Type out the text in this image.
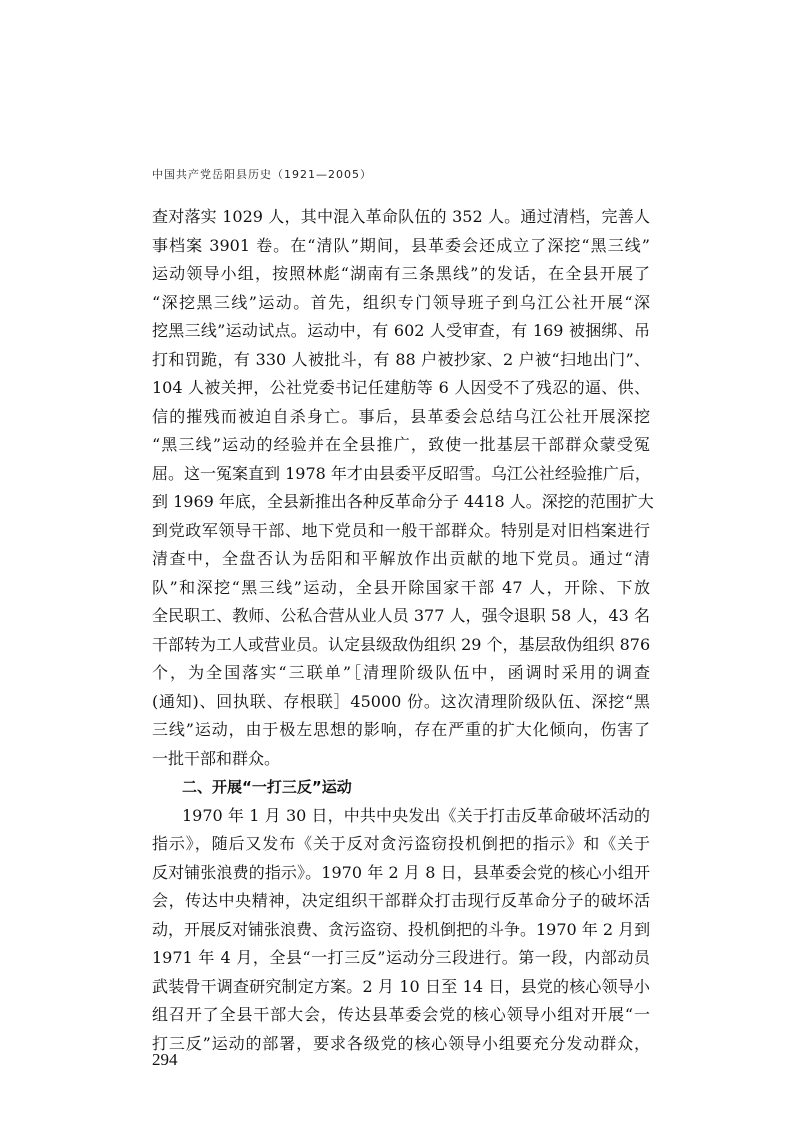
中国共产党岳阳县历史（1921—2005）
查对落实 1029 人，其中混入革命队伍的 352 人。通过清档，完善人
事档案 3901 卷。在“清队”期间，县革委会还成立了深挖“黑三线”
运动领导小组，按照林彪“湖南有三条黑线”的发话，在全县开展了
“深挖黑三线”运动。首先，组织专门领导班子到乌江公社开展“深
挖黑三线”运动试点。运动中，有 602 人受审查，有 169 被捆绑、吊
打和罚跪，有 330 人被批斗，有 88 户被抄家、2 户被“扫地出门”、
104 人被关押，公社党委书记任建舫等 6 人因受不了残忍的逼、供、
信的摧残而被迫自杀身亡。事后，县革委会总结乌江公社开展深挖
“黑三线”运动的经验并在全县推广，致使一批基层干部群众蒙受冤
屈。这一冤案直到 1978 年才由县委平反昭雪。乌江公社经验推广后，
到 1969 年底，全县新推出各种反革命分子 4418 人。深挖的范围扩大
到党政军领导干部、地下党员和一般干部群众。特别是对旧档案进行
清查中，全盘否认为岳阳和平解放作出贡献的地下党员。通过“清
队”和深挖“黑三线”运动，全县开除国家干部 47 人，开除、下放
全民职工、教师、公私合营从业人员 377 人，强令退职 58 人，43 名
干部转为工人或营业员。认定县级敌伪组织 29 个，基层敌伪组织 876
个，为全国落实“三联单”［清理阶级队伍中，函调时采用的调查
(通知)、回执联、存根联］45000 份。这次清理阶级队伍、深挖“黑
三线”运动，由于极左思想的影响，存在严重的扩大化倾向，伤害了
一批干部和群众。
二、开展“一打三反”运动
1970 年 1 月 30 日，中共中央发出《关于打击反革命破坏活动的
指示》，随后又发布《关于反对贪污盗窃投机倒把的指示》和《关于
反对铺张浪费的指示》。1970 年 2 月 8 日，县革委会党的核心小组开
会，传达中央精神，决定组织干部群众打击现行反革命分子的破坏活
动，开展反对铺张浪费、贪污盗窃、投机倒把的斗争。1970 年 2 月到
1971 年 4 月，全县“一打三反”运动分三段进行。第一段，内部动员
武装骨干调查研究制定方案。2 月 10 日至 14 日，县党的核心领导小
组召开了全县干部大会，传达县革委会党的核心领导小组对开展“一
打三反”运动的部署，要求各级党的核心领导小组要充分发动群众，
294
